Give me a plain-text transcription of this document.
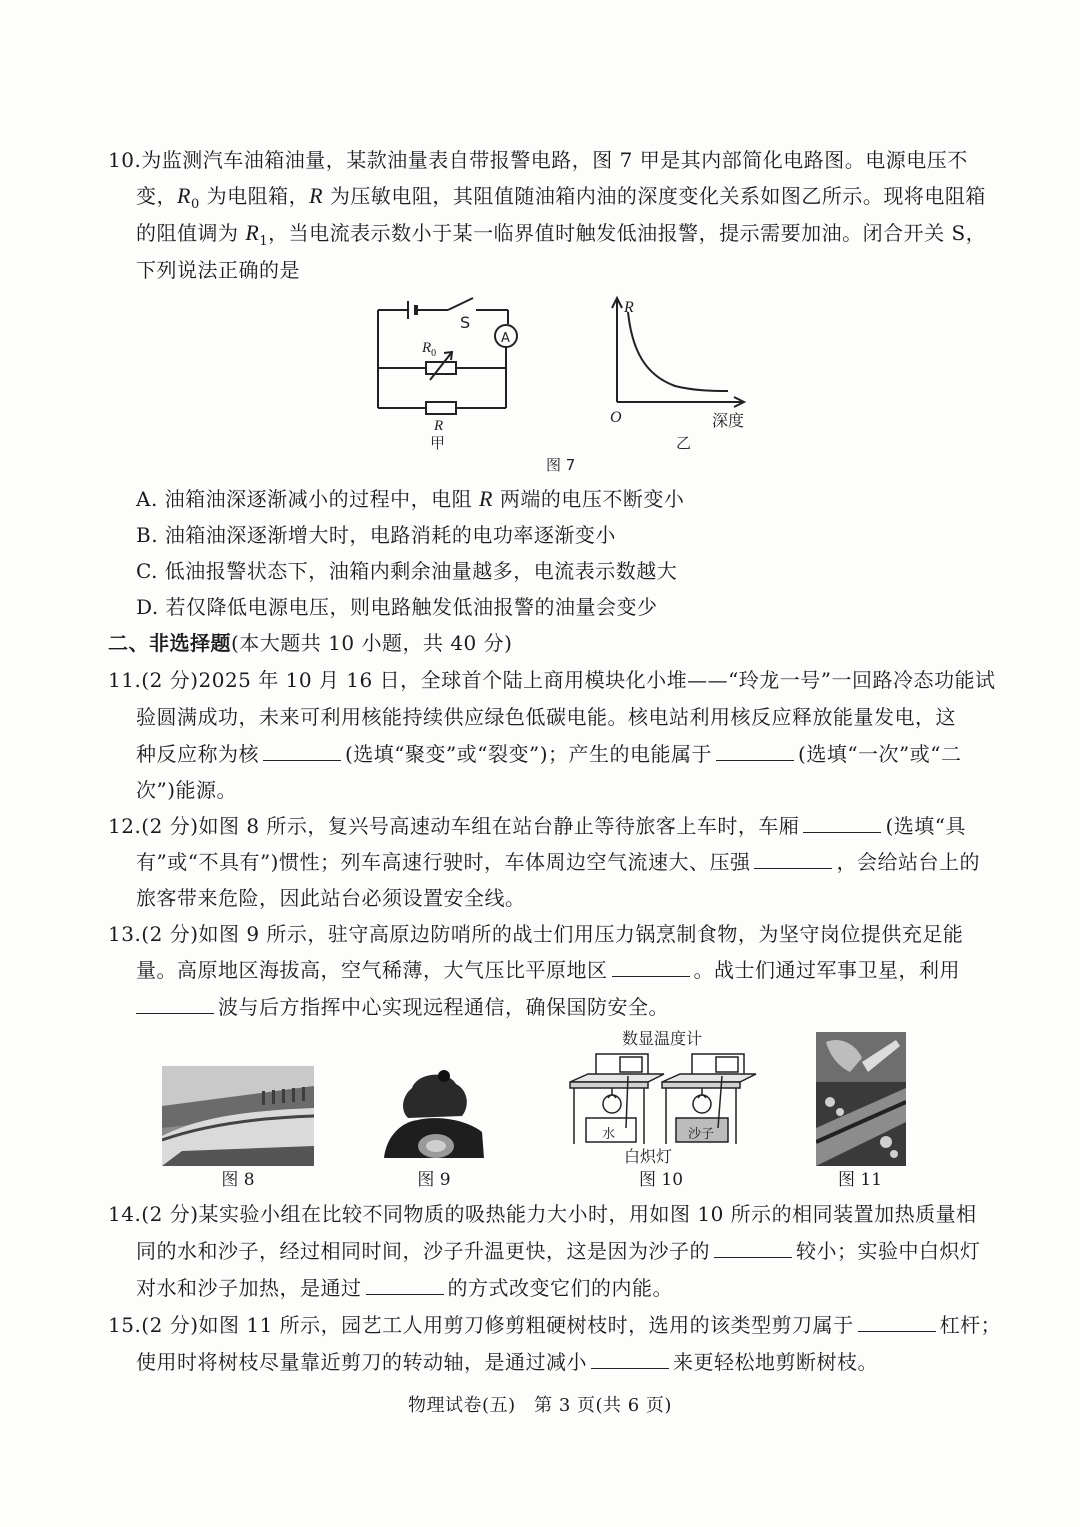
10.为监测汽车油箱油量，某款油量表自带报警电路，图 7 甲是其内部简化电路图。电源电压不
变，$R_0$ 为电阻箱，R 为压敏电阻，其阻值随油箱内油的深度变化关系如图乙所示。现将电阻箱
的阻值调为 $R_1$，当电流表示数小于某一临界值时触发低油报警，提示需要加油。闭合开关 S，
下列说法正确的是
S
A
$R_0$
R
甲
R
O	深度
乙
图 7
A. 油箱油深逐渐减小的过程中，电阻 R 两端的电压不断变小
B. 油箱油深逐渐增大时，电路消耗的电功率逐渐变小
C. 低油报警状态下，油箱内剩余油量越多，电流表示数越大
D. 若仅降低电源电压，则电路触发低油报警的油量会变少
二、非选择题(本大题共 10 小题，共 40 分)
11.(2 分)2025 年 10 月 16 日，全球首个陆上商用模块化小堆——“玲龙一号”一回路冷态功能试
验圆满成功，未来可利用核能持续供应绿色低碳电能。核电站利用核反应释放能量发电，这
种反应称为核	(选填“聚变”或“裂变”)；产生的电能属于	(选填“一次”或“二
次”)能源。
12.(2 分)如图 8 所示，复兴号高速动车组在站台静止等待旅客上车时，车厢	(选填“具
有”或“不具有”)惯性；列车高速行驶时，车体周边空气流速大、压强	，会给站台上的
旅客带来危险，因此站台必须设置安全线。
13.(2 分)如图 9 所示，驻守高原边防哨所的战士们用压力锅烹制食物，为坚守岗位提供充足能
量。高原地区海拔高，空气稀薄，大气压比平原地区	。战士们通过军事卫星，利用
波与后方指挥中心实现远程通信，确保国防安全。
图 8	图 9
数显温度计
水	沙子
白炽灯
图 10	图 11
14.(2 分)某实验小组在比较不同物质的吸热能力大小时，用如图 10 所示的相同装置加热质量相
同的水和沙子，经过相同时间，沙子升温更快，这是因为沙子的	较小；实验中白炽灯
对水和沙子加热，是通过	的方式改变它们的内能。
15.(2 分)如图 11 所示，园艺工人用剪刀修剪粗硬树枝时，选用的该类型剪刀属于	杠杆；
使用时将树枝尽量靠近剪刀的转动轴，是通过减小	来更轻松地剪断树枝。
物理试卷(五)　第 3 页(共 6 页)
